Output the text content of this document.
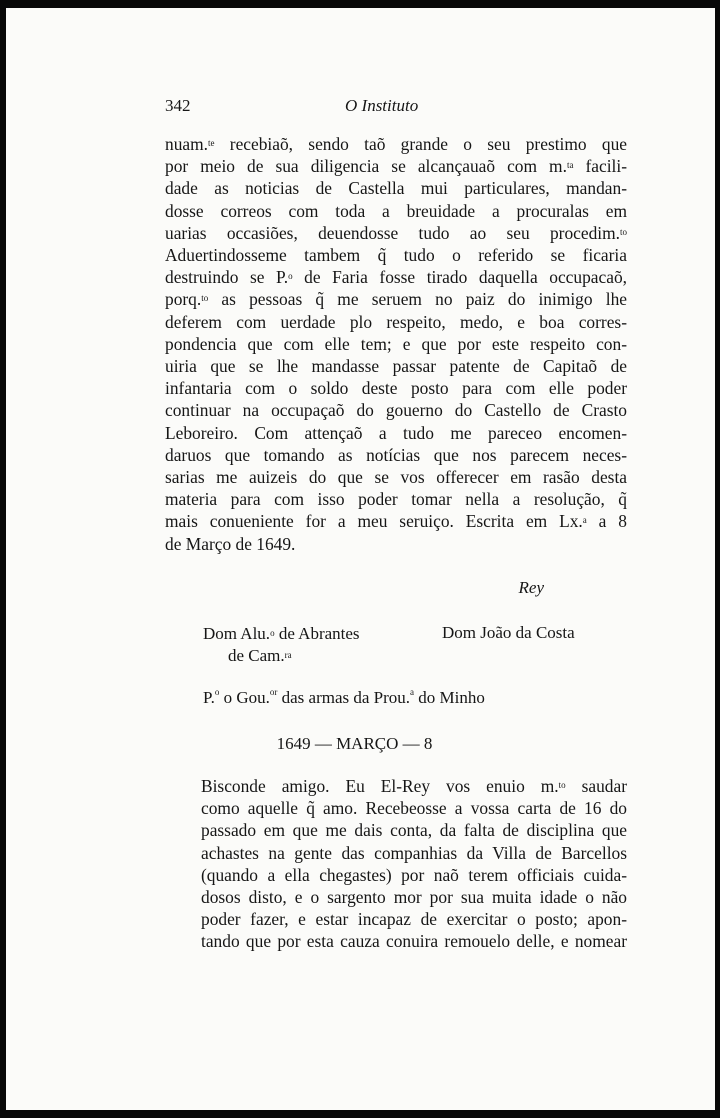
342	O Instituto
nuam.$^{te}$ recebiaõ, sendo taõ grande o seu prestimo que
por meio de sua diligencia se alcançauaõ com m.$^{ta}$ facili-
dade as noticias de Castella mui particulares, mandan-
dosse correos com toda a breuidade a procuralas em
uarias occasiões, deuendosse tudo ao seu procedim.$^{to}$
Aduertindosseme tambem q̃ tudo o referido se ficaria
destruindo se P.$^o$ de Faria fosse tirado daquella occupacaõ,
porq.$^{to}$ as pessoas q̃ me seruem no paiz do inimigo lhe
deferem com uerdade plo respeito, medo, e boa corres-
pondencia que com elle tem; e que por este respeito con-
uiria que se lhe mandasse passar patente de Capitaõ de
infantaria com o soldo deste posto para com elle poder
continuar na occupaçaõ do gouerno do Castello de Crasto
Leboreiro. Com attençaõ a tudo me pareceo encomen-
daruos que tomando as notícias que nos parecem neces-
sarias me auizeis do que se vos offerecer em rasão desta
materia para com isso poder tomar nella a resolução, q̃
mais conueniente for a meu seruiço. Escrita em Lx.$^a$ a 8
de Março de 1649.
Rey
Dom Alu.$^o$ de Abrantes
de Cam.$^{ra}$
Dom João da Costa
P.$^o$ o Gou.$^{or}$ das armas da Prou.$^a$ do Minho
1649 — MARÇO — 8
Bisconde amigo. Eu El-Rey vos enuio m.$^{to}$ saudar
como aquelle q̃ amo. Recebeosse a vossa carta de 16 do
passado em que me dais conta, da falta de disciplina que
achastes na gente das companhias da Villa de Barcellos
(quando a ella chegastes) por naõ terem officiais cuida-
dosos disto, e o sargento mor por sua muita idade o não
poder fazer, e estar incapaz de exercitar o posto; apon-
tando que por esta cauza conuira remouelo delle, e nomear
